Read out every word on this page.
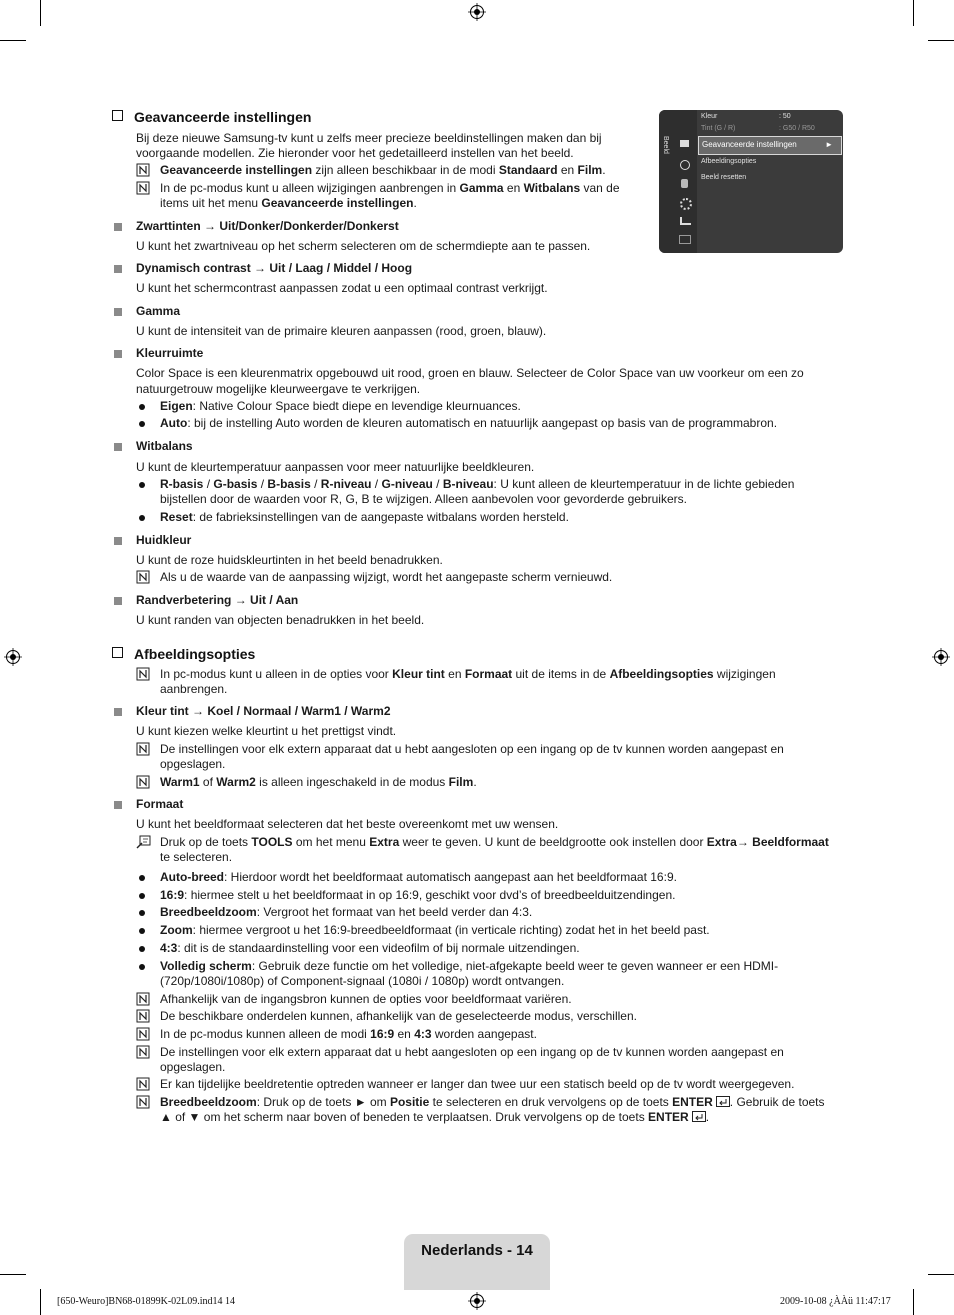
Beeld
Kleur	: 50
Tint (G / R)	: G50 / R50
Geavanceerde instellingen	►
Afbeeldingsopties
Beeld resetten
Geavanceerde instellingen
Bij deze nieuwe Samsung-tv kunt u zelfs meer precieze beeldinstellingen maken dan bij
voorgaande modellen. Zie hieronder voor het gedetailleerd instellen van het beeld.
Geavanceerde instellingen zijn alleen beschikbaar in de modi Standaard en Film.
In de pc-modus kunt u alleen wijzigingen aanbrengen in Gamma en Witbalans van de
items uit het menu Geavanceerde instellingen.
Zwarttinten → Uit/Donker/Donkerder/Donkerst
U kunt het zwartniveau op het scherm selecteren om de schermdiepte aan te passen.
Dynamisch contrast → Uit / Laag / Middel / Hoog
U kunt het schermcontrast aanpassen zodat u een optimaal contrast verkrijgt.
Gamma
U kunt de intensiteit van de primaire kleuren aanpassen (rood, groen, blauw).
Kleurruimte
Color Space is een kleurenmatrix opgebouwd uit rood, groen en blauw. Selecteer de Color Space van uw voorkeur om een zo
natuurgetrouw mogelijke kleurweergave te verkrijgen.
Eigen: Native Colour Space biedt diepe en levendige kleurnuances.
Auto: bij de instelling Auto worden de kleuren automatisch en natuurlijk aangepast op basis van de programmabron.
Witbalans
U kunt de kleurtemperatuur aanpassen voor meer natuurlijke beeldkleuren.
R-basis / G-basis / B-basis / R-niveau / G-niveau / B-niveau: U kunt alleen de kleurtemperatuur in de lichte gebieden
bijstellen door de waarden voor R, G, B te wijzigen. Alleen aanbevolen voor gevorderde gebruikers.
Reset: de fabrieksinstellingen van de aangepaste witbalans worden hersteld.
Huidkleur
U kunt de roze huidskleurtinten in het beeld benadrukken.
Als u de waarde van de aanpassing wijzigt, wordt het aangepaste scherm vernieuwd.
Randverbetering → Uit / Aan
U kunt randen van objecten benadrukken in het beeld.
Afbeeldingsopties
In pc-modus kunt u alleen in de opties voor Kleur tint en Formaat uit de items in de Afbeeldingsopties wijzigingen
aanbrengen.
Kleur tint → Koel / Normaal / Warm1 / Warm2
U kunt kiezen welke kleurtint u het prettigst vindt.
De instellingen voor elk extern apparaat dat u hebt aangesloten op een ingang op de tv kunnen worden aangepast en
opgeslagen.
Warm1 of Warm2 is alleen ingeschakeld in de modus Film.
Formaat
U kunt het beeldformaat selecteren dat het beste overeenkomt met uw wensen.
Druk op de toets TOOLS om het menu Extra weer te geven. U kunt de beeldgrootte ook instellen door Extra→ Beeldformaat
te selecteren.
Auto-breed: Hierdoor wordt het beeldformaat automatisch aangepast aan het beeldformaat 16:9.
16:9: hiermee stelt u het beeldformaat in op 16:9, geschikt voor dvd’s of breedbeelduitzendingen.
Breedbeeldzoom: Vergroot het formaat van het beeld verder dan 4:3.
Zoom: hiermee vergroot u het 16:9-breedbeeldformaat (in verticale richting) zodat het in het beeld past.
4:3: dit is de standaardinstelling voor een videofilm of bij normale uitzendingen.
Volledig scherm: Gebruik deze functie om het volledige, niet-afgekapte beeld weer te geven wanneer er een HDMI-
(720p/1080i/1080p) of Component-signaal (1080i / 1080p) wordt ontvangen.
Afhankelijk van de ingangsbron kunnen de opties voor beeldformaat variëren.
De beschikbare onderdelen kunnen, afhankelijk van de geselecteerde modus, verschillen.
In de pc-modus kunnen alleen de modi 16:9 en 4:3 worden aangepast.
De instellingen voor elk extern apparaat dat u hebt aangesloten op een ingang op de tv kunnen worden aangepast en
opgeslagen.
Er kan tijdelijke beeldretentie optreden wanneer er langer dan twee uur een statisch beeld op de tv wordt weergegeven.
Breedbeeldzoom: Druk op de toets ► om Positie te selecteren en druk vervolgens op de toets ENTER . Gebruik de toets
▲ of ▼ om het scherm naar boven of beneden te verplaatsen. Druk vervolgens op de toets ENTER .
Nederlands - 14
[650-Weuro]BN68-01899K-02L09.ind14 14	2009-10-08 ¿ÀÀü 11:47:17
